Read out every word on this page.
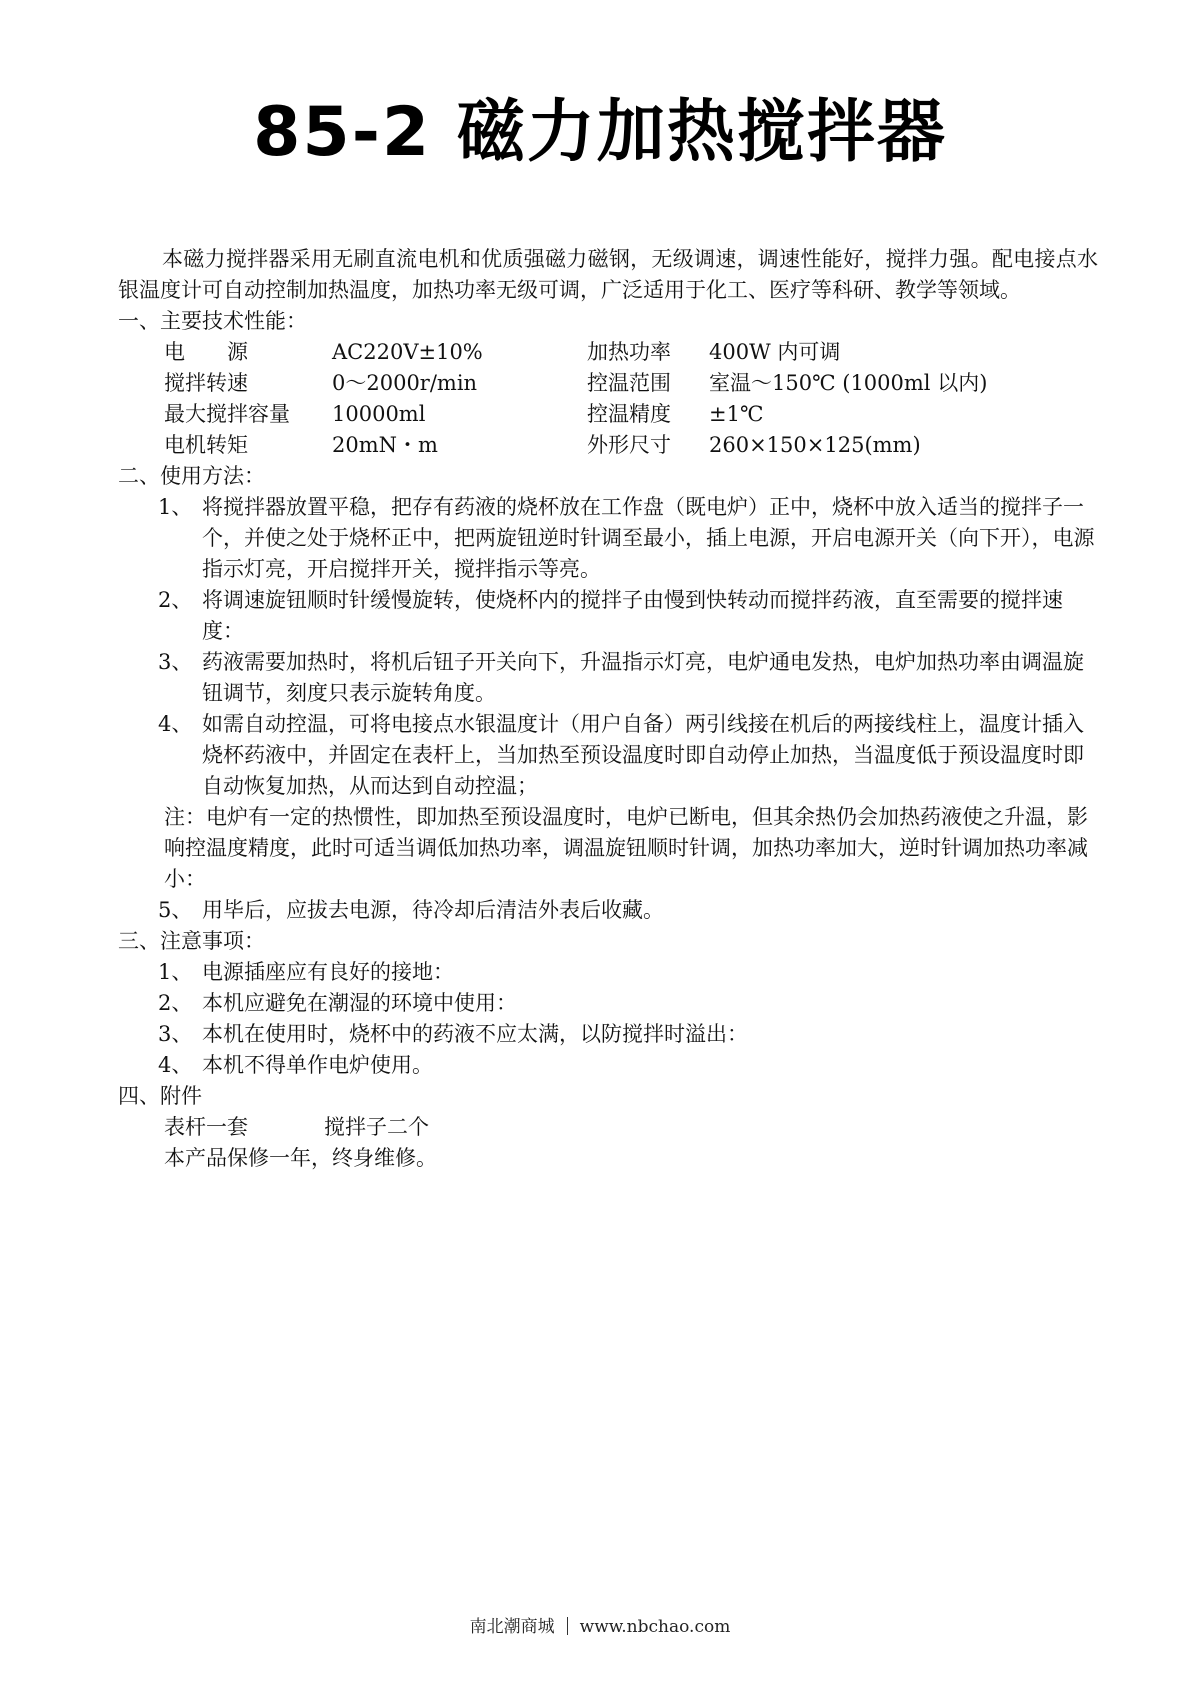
85-2 磁力加热搅拌器

本磁力搅拌器采用无刷直流电机和优质强磁力磁钢，无级调速，调速性能好，搅拌力强。配电接点水银温度计可自动控制加热温度，加热功率无级可调，广泛适用于化工、医疗等科研、教学等领域。

一、主要技术性能：
电　　源	AC220V±10%	加热功率	400W 内可调
搅拌转速	0～2000r/min	控温范围	室温～150℃ (1000ml 以内)
最大搅拌容量	10000ml	控温精度	±1℃
电机转矩	20mN・m	外形尺寸	260×150×125(mm)
二、使用方法：
1、 将搅拌器放置平稳，把存有药液的烧杯放在工作盘（既电炉）正中，烧杯中放入适当的搅拌子一个，并使之处于烧杯正中，把两旋钮逆时针调至最小，插上电源，开启电源开关（向下开），电源指示灯亮，开启搅拌开关，搅拌指示等亮。
2、 将调速旋钮顺时针缓慢旋转，使烧杯内的搅拌子由慢到快转动而搅拌药液，直至需要的搅拌速度：
3、 药液需要加热时，将机后钮子开关向下，升温指示灯亮，电炉通电发热，电炉加热功率由调温旋钮调节，刻度只表示旋转角度。
4、 如需自动控温，可将电接点水银温度计（用户自备）两引线接在机后的两接线柱上，温度计插入烧杯药液中，并固定在表杆上，当加热至预设温度时即自动停止加热，当温度低于预设温度时即自动恢复加热，从而达到自动控温；
注：电炉有一定的热惯性，即加热至预设温度时，电炉已断电，但其余热仍会加热药液使之升温，影响控温度精度，此时可适当调低加热功率，调温旋钮顺时针调，加热功率加大，逆时针调加热功率减小：
5、 用毕后，应拔去电源，待冷却后清洁外表后收藏。
三、注意事项：
1、 电源插座应有良好的接地：
2、 本机应避免在潮湿的环境中使用：
3、 本机在使用时，烧杯中的药液不应太满，以防搅拌时溢出：
4、 本机不得单作电炉使用。
四、附件
表杆一套	搅拌子二个
本产品保修一年，终身维修。
南北潮商城 www.nbchao.com
